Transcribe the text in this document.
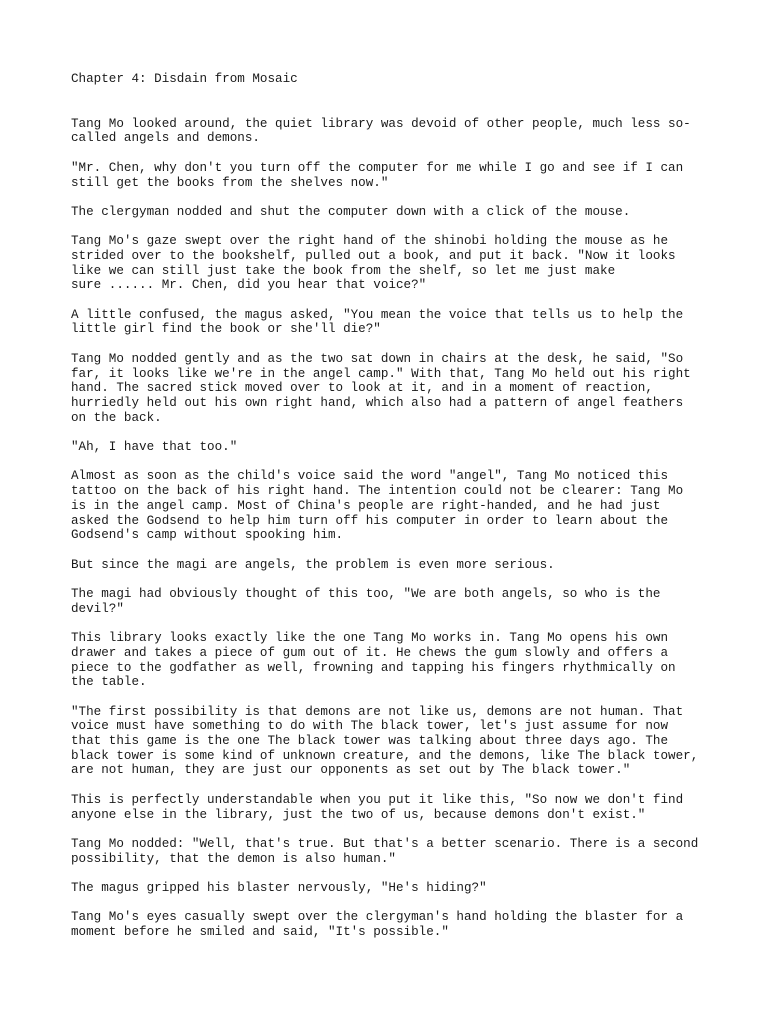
Chapter 4: Disdain from Mosaic

Tang Mo looked around, the quiet library was devoid of other people, much less so-
called angels and demons.

"Mr. Chen, why don't you turn off the computer for me while I go and see if I can
still get the books from the shelves now."

The clergyman nodded and shut the computer down with a click of the mouse.

Tang Mo's gaze swept over the right hand of the shinobi holding the mouse as he
strided over to the bookshelf, pulled out a book, and put it back. "Now it looks
like we can still just take the book from the shelf, so let me just make
sure ...... Mr. Chen, did you hear that voice?"

A little confused, the magus asked, "You mean the voice that tells us to help the
little girl find the book or she'll die?"

Tang Mo nodded gently and as the two sat down in chairs at the desk, he said, "So
far, it looks like we're in the angel camp." With that, Tang Mo held out his right
hand. The sacred stick moved over to look at it, and in a moment of reaction,
hurriedly held out his own right hand, which also had a pattern of angel feathers
on the back.

"Ah, I have that too."

Almost as soon as the child's voice said the word "angel", Tang Mo noticed this
tattoo on the back of his right hand. The intention could not be clearer: Tang Mo
is in the angel camp. Most of China's people are right-handed, and he had just
asked the Godsend to help him turn off his computer in order to learn about the
Godsend's camp without spooking him.

But since the magi are angels, the problem is even more serious.

The magi had obviously thought of this too, "We are both angels, so who is the
devil?"

This library looks exactly like the one Tang Mo works in. Tang Mo opens his own
drawer and takes a piece of gum out of it. He chews the gum slowly and offers a
piece to the godfather as well, frowning and tapping his fingers rhythmically on
the table.

"The first possibility is that demons are not like us, demons are not human. That
voice must have something to do with The black tower, let's just assume for now
that this game is the one The black tower was talking about three days ago. The
black tower is some kind of unknown creature, and the demons, like The black tower,
are not human, they are just our opponents as set out by The black tower."

This is perfectly understandable when you put it like this, "So now we don't find
anyone else in the library, just the two of us, because demons don't exist."

Tang Mo nodded: "Well, that's true. But that's a better scenario. There is a second
possibility, that the demon is also human."

The magus gripped his blaster nervously, "He's hiding?"

Tang Mo's eyes casually swept over the clergyman's hand holding the blaster for a
moment before he smiled and said, "It's possible."
